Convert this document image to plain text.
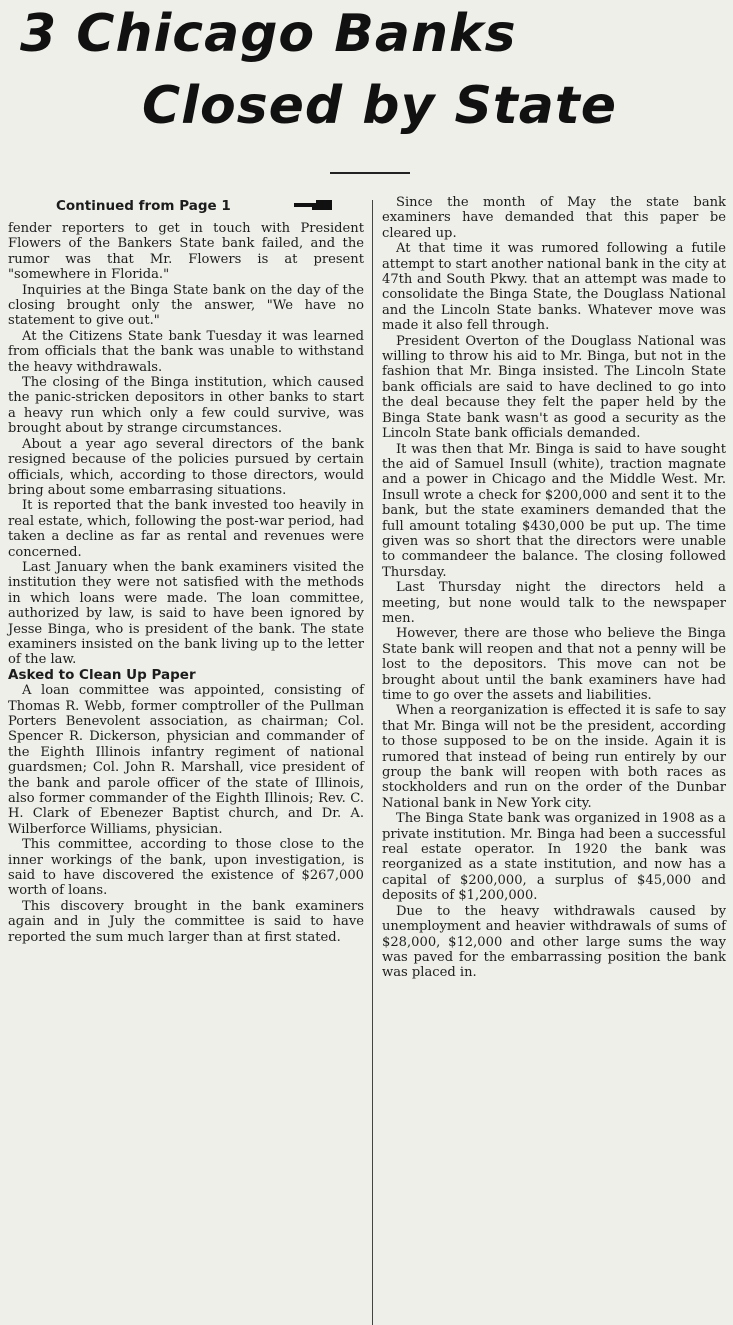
3 Chicago Banks
Closed by State
Continued from Page 1

fender reporters to get in touch with President Flowers of the Bankers State bank failed, and the rumor was that Mr. Flowers is at present "somewhere in Florida."

Inquiries at the Binga State bank on the day of the closing brought only the answer, "We have no statement to give out."

At the Citizens State bank Tuesday it was learned from officials that the bank was unable to withstand the heavy withdrawals.

The closing of the Binga institution, which caused the panic-stricken depositors in other banks to start a heavy run which only a few could survive, was brought about by strange circumstances.

About a year ago several directors of the bank resigned because of the policies pursued by certain officials, which, according to those directors, would bring about some embarrasing situations.

It is reported that the bank invested too heavily in real estate, which, following the post-war period, had taken a decline as far as rental and revenues were concerned.

Last January when the bank examiners visited the institution they were not satisfied with the methods in which loans were made. The loan committee, authorized by law, is said to have been ignored by Jesse Binga, who is president of the bank. The state examiners insisted on the bank living up to the letter of the law.

Asked to Clean Up Paper

A loan committee was appointed, consisting of Thomas R. Webb, former comptroller of the Pullman Porters Benevolent association, as chairman; Col. Spencer R. Dickerson, physician and commander of the Eighth Illinois infantry regiment of national guardsmen; Col. John R. Marshall, vice president of the bank and parole officer of the state of Illinois, also former commander of the Eighth Illinois; Rev. C. H. Clark of Ebenezer Baptist church, and Dr. A. Wilberforce Williams, physician.

This committee, according to those close to the inner workings of the bank, upon investigation, is said to have discovered the existence of $267,000 worth of loans.

This discovery brought in the bank examiners again and in July the committee is said to have reported the sum much larger than at first stated.

Since the month of May the state bank examiners have demanded that this paper be cleared up.

At that time it was rumored following a futile attempt to start another national bank in the city at 47th and South Pkwy. that an attempt was made to consolidate the Binga State, the Douglass National and the Lincoln State banks. Whatever move was made it also fell through.

President Overton of the Douglass National was willing to throw his aid to Mr. Binga, but not in the fashion that Mr. Binga insisted. The Lincoln State bank officials are said to have declined to go into the deal because they felt the paper held by the Binga State bank wasn't as good a security as the Lincoln State bank officials demanded.

It was then that Mr. Binga is said to have sought the aid of Samuel Insull (white), traction magnate and a power in Chicago and the Middle West. Mr. Insull wrote a check for $200,000 and sent it to the bank, but the state examiners demanded that the full amount totaling $430,000 be put up. The time given was so short that the directors were unable to commandeer the balance. The closing followed Thursday.

Last Thursday night the directors held a meeting, but none would talk to the newspaper men.

However, there are those who believe the Binga State bank will reopen and that not a penny will be lost to the depositors. This move can not be brought about until the bank examiners have had time to go over the assets and liabilities.

When a reorganization is effected it is safe to say that Mr. Binga will not be the president, according to those supposed to be on the inside. Again it is rumored that instead of being run entirely by our group the bank will reopen with both races as stockholders and run on the order of the Dunbar National bank in New York city.

The Binga State bank was organized in 1908 as a private institution. Mr. Binga had been a successful real estate operator. In 1920 the bank was reorganized as a state institution, and now has a capital of $200,000, a surplus of $45,000 and deposits of $1,200,000.

Due to the heavy withdrawals caused by unemployment and heavier withdrawals of sums of $28,000, $12,000 and other large sums the way was paved for the embarrassing position the bank was placed in.
